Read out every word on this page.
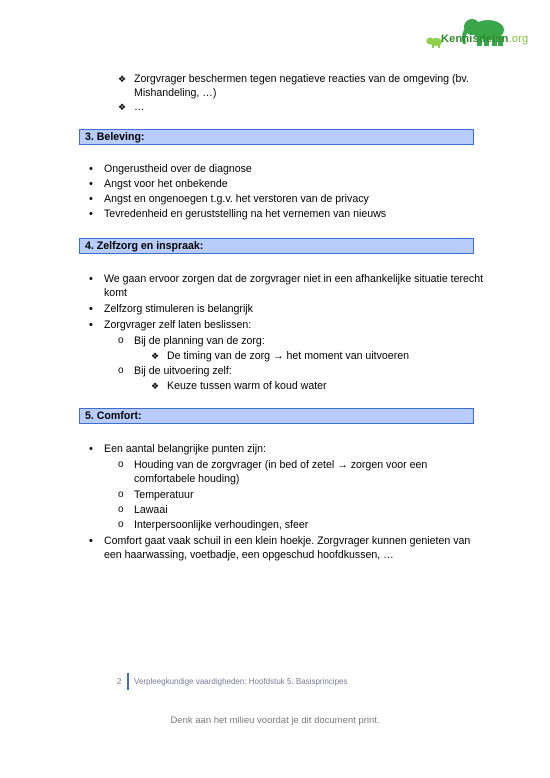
Kennisdelen.org
❖ Zorgvrager beschermen tegen negatieve reacties van de omgeving (bv.
Mishandeling, …)
❖ …
3. Beleving:
• Ongerustheid over de diagnose
• Angst voor het onbekende
• Angst en ongenoegen t.g.v. het verstoren van de privacy
• Tevredenheid en geruststelling na het vernemen van nieuws
4. Zelfzorg en inspraak:
• We gaan ervoor zorgen dat de zorgvrager niet in een afhankelijke situatie terecht
komt
• Zelfzorg stimuleren is belangrijk
• Zorgvrager zelf laten beslissen:
o Bij de planning van de zorg:
❖ De timing van de zorg → het moment van uitvoeren
o Bij de uitvoering zelf:
❖ Keuze tussen warm of koud water
5. Comfort:
• Een aantal belangrijke punten zijn:
o Houding van de zorgvrager (in bed of zetel → zorgen voor een
comfortabele houding)
o Temperatuur
o Lawaai
o Interpersoonlijke verhoudingen, sfeer
• Comfort gaat vaak schuil in een klein hoekje. Zorgvrager kunnen genieten van
een haarwassing, voetbadje, een opgeschud hoofdkussen, …
2 Verpleegkundige vaardigheden: Hoofdstuk 5: Basisprincipes
Denk aan het milieu voordat je dit document print.
